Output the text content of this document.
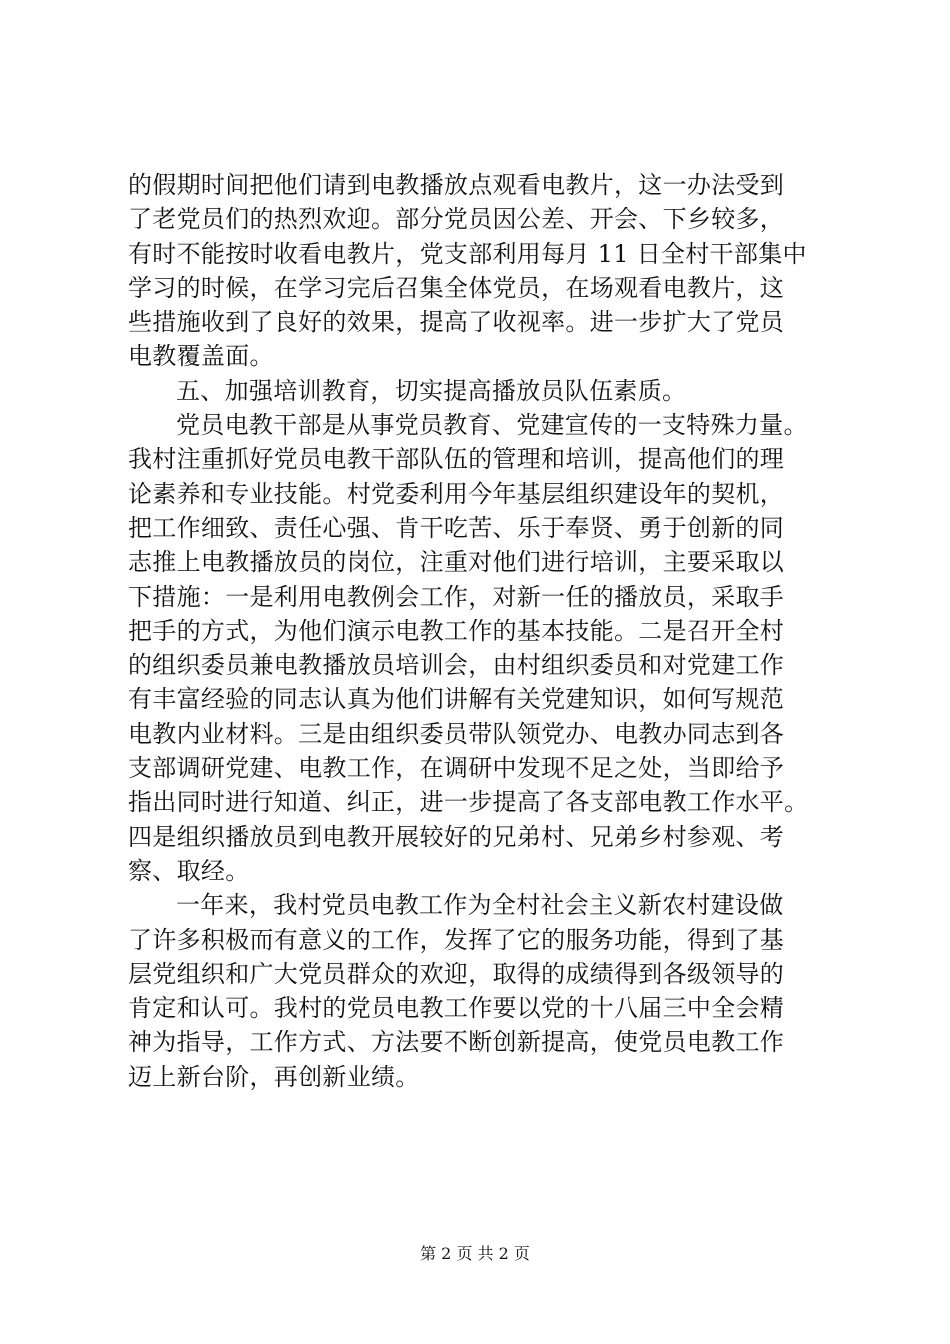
的假期时间把他们请到电教播放点观看电教片，这一办法受到
了老党员们的热烈欢迎。部分党员因公差、开会、下乡较多，
有时不能按时收看电教片，党支部利用每月 11 日全村干部集中
学习的时候，在学习完后召集全体党员，在场观看电教片，这
些措施收到了良好的效果，提高了收视率。进一步扩大了党员
电教覆盖面。
五、加强培训教育，切实提高播放员队伍素质。
党员电教干部是从事党员教育、党建宣传的一支特殊力量。
我村注重抓好党员电教干部队伍的管理和培训，提高他们的理
论素养和专业技能。村党委利用今年基层组织建设年的契机，
把工作细致、责任心强、肯干吃苦、乐于奉贤、勇于创新的同
志推上电教播放员的岗位，注重对他们进行培训，主要采取以
下措施：一是利用电教例会工作，对新一任的播放员，采取手
把手的方式，为他们演示电教工作的基本技能。二是召开全村
的组织委员兼电教播放员培训会，由村组织委员和对党建工作
有丰富经验的同志认真为他们讲解有关党建知识，如何写规范
电教内业材料。三是由组织委员带队领党办、电教办同志到各
支部调研党建、电教工作，在调研中发现不足之处，当即给予
指出同时进行知道、纠正，进一步提高了各支部电教工作水平。
四是组织播放员到电教开展较好的兄弟村、兄弟乡村参观、考
察、取经。
一年来，我村党员电教工作为全村社会主义新农村建设做
了许多积极而有意义的工作，发挥了它的服务功能，得到了基
层党组织和广大党员群众的欢迎，取得的成绩得到各级领导的
肯定和认可。我村的党员电教工作要以党的十八届三中全会精
神为指导，工作方式、方法要不断创新提高，使党员电教工作
迈上新台阶，再创新业绩。
第 2 页 共 2 页
